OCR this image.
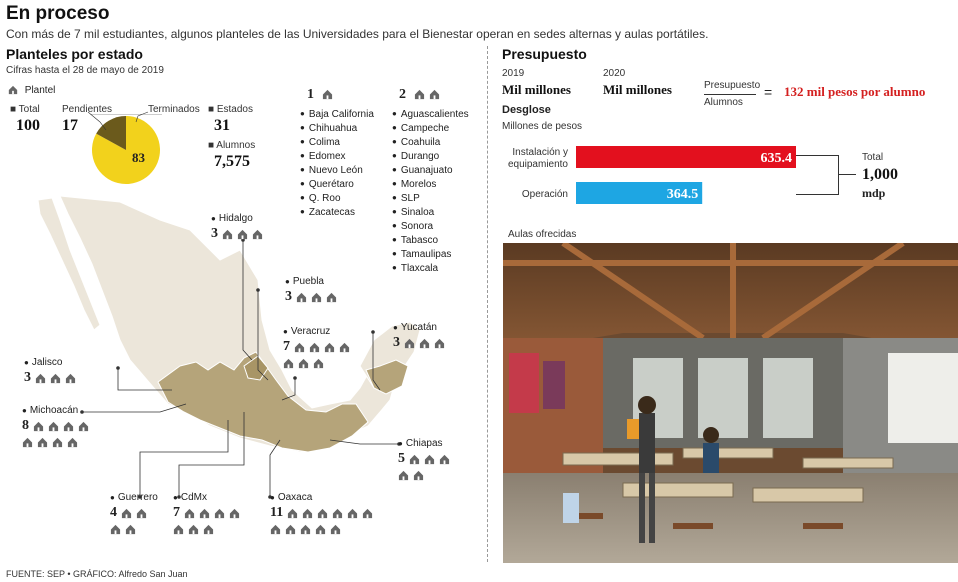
En proceso
Con más de 7 mil estudiantes, algunos planteles de las Universidades para el Bienestar operan en sedes alternas y aulas portátiles.
Planteles por estado
Cifras hasta el 28 de mayo de 2019
Plantel
■ Total
100
Pendientes
17
Terminados
83
■ Estados
31
■ Alumnos
7,575
1
● Baja California
● Chihuahua
● Colima
● Edomex
● Nuevo León
● Querétaro
● Q. Roo
● Zacatecas
2
● Aguascalientes
● Campeche
● Coahuila
● Durango
● Guanajuato
● Morelos
● SLP
● Sinaloa
● Sonora
● Tabasco
● Tamaulipas
● Tlaxcala
● Hidalgo
3
● Puebla
3
● Veracruz
7
● Yucatán
3
● Jalisco
3
● Michoacán
8
● Chiapas
5
● Guerrero
4
● CdMx
7
● Oaxaca
11
Presupuesto
2019
Mil millones
2020
Mil millones	Presupuesto
Alumnos
= 132 mil pesos por alumno
Desglose
Millones de pesos
635.4
Instalación y
equipamiento
364.5
Operación
Total
1,000
mdp
Aulas ofrecidas
FUENTE: SEP • GRÁFICO: Alfredo San Juan
